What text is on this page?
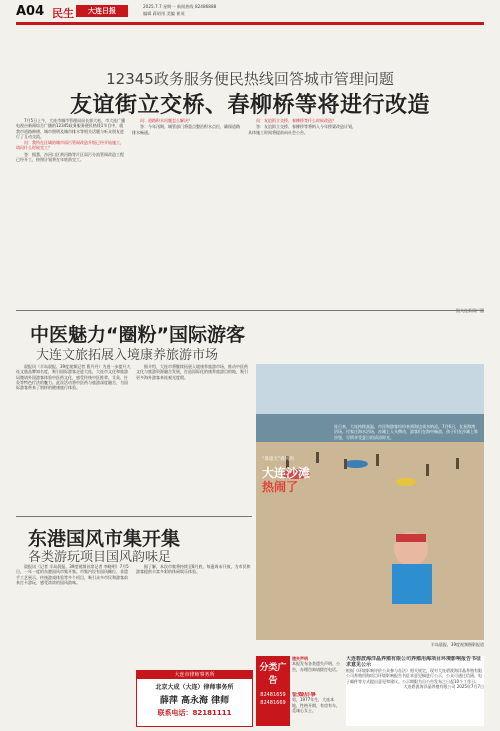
A04 民生	大连日报
2025.7.7 星期一 新闻热线 82486888
编辑 蒋昭彤 美编 崔英
12345政务服务便民热线回答城市管理问题
友谊街立交桥、春柳桥等将进行改造

7月5日上午，大连市城市管理局局长郭大松、市大连广播电视台新闻综合广播的12345政务服务便民热线1节目中，就我市道路修缮、城市照明及城市排水等相关话题与听众朋友进行了互动交流。

问：我所在区域的城市雨污管网改造升级已经开始施工，请问什么时候完工？

答：据悉，沙河口区黄河路等片区雨污分流管网改造工程已经开工，按照计划将在年底前完工。

问：道路积水问题怎么解决？

答：今年汛期，城管部门将重点整治积水点位，确保道路排水畅通。

问：友谊街立交桥、春柳桥等什么时候改造？

答：友谊街立交桥、春柳桥等将纳入今年桥梁改造计划，具体施工时间将提前向社会公告。

中医魅力“圈粉”国际游客
大连文旅拓展入境康养旅游市场

晨报讯（半岛晨报、39度视频记者 曹丹丹）为进一步提升大连文旅品牌知名度，吸引国际游客走进大连，大连市文化和旅游局邀请外国游客体验中医药文化，感受传统中医推拿、艾灸、针灸等特色疗法的魅力。此次活动将中医药与旅游深度融合，为国际游客带来了别样的健康旅行体验。

据介绍，大连市将继续拓展入境康养旅游市场，推动中医药文化与旅游资源融合发展，打造国际化的康养旅游目的地，吸引更多海外游客来连观光度假。

“暴童天”遇到到
大连沙滩
热闹了
连日来，大连持续高温，市民和游客纷纷来到海边戏水纳凉。7月6日，在星海湾浴场、付家庄海水浴场，沙滩上人头攒动，游客们在海中畅游，孩子们在沙滩上堆沙堡，尽情享受夏日的清凉时光。
半岛晨报、39度视频摄影报道
东港国风市集开集
各类游玩项目国风韵味足

晨报讯（记者 半岛晨报、39度视频首席记者 李晓明）7月5日，一年一度的东港国风市集开集。市集内设有国风摊位、非遗手工艺展示、传统游戏体验等多个项目，吸引众多市民和游客前来打卡游玩，感受浓浓的国风韵味。

据了解，本次市集将持续至8月底，每逢周末开放，为市民和游客提供丰富多彩的休闲娱乐体验。

大连市律师事务所
北京大成（大连）律师事务所
薛萍 高永海 律师
联系电话：82181111
分类广告
82481659
82481669
遗失声明
本报发布各类遗失声明、公告，办理咨询请拨打电话。
征婚启事
男，1977年生，大连本地，性格开朗，有房有车，觅诚心女士。
大连碧波海洋晶养殖有限公司养殖用海项目环境影响报告书征求意见公示
根据《环境影响评价公众参与办法》相关规定，现对大连碧波海洋晶养殖有限公司养殖用海项目环境影响报告书征求意见稿进行公示，公众可通过信函、电子邮件等方式提出意见和建议。公示期限为自公告发布之日起10个工作日。
大连碧波海洋晶养殖有限公司 2025年7月7日
